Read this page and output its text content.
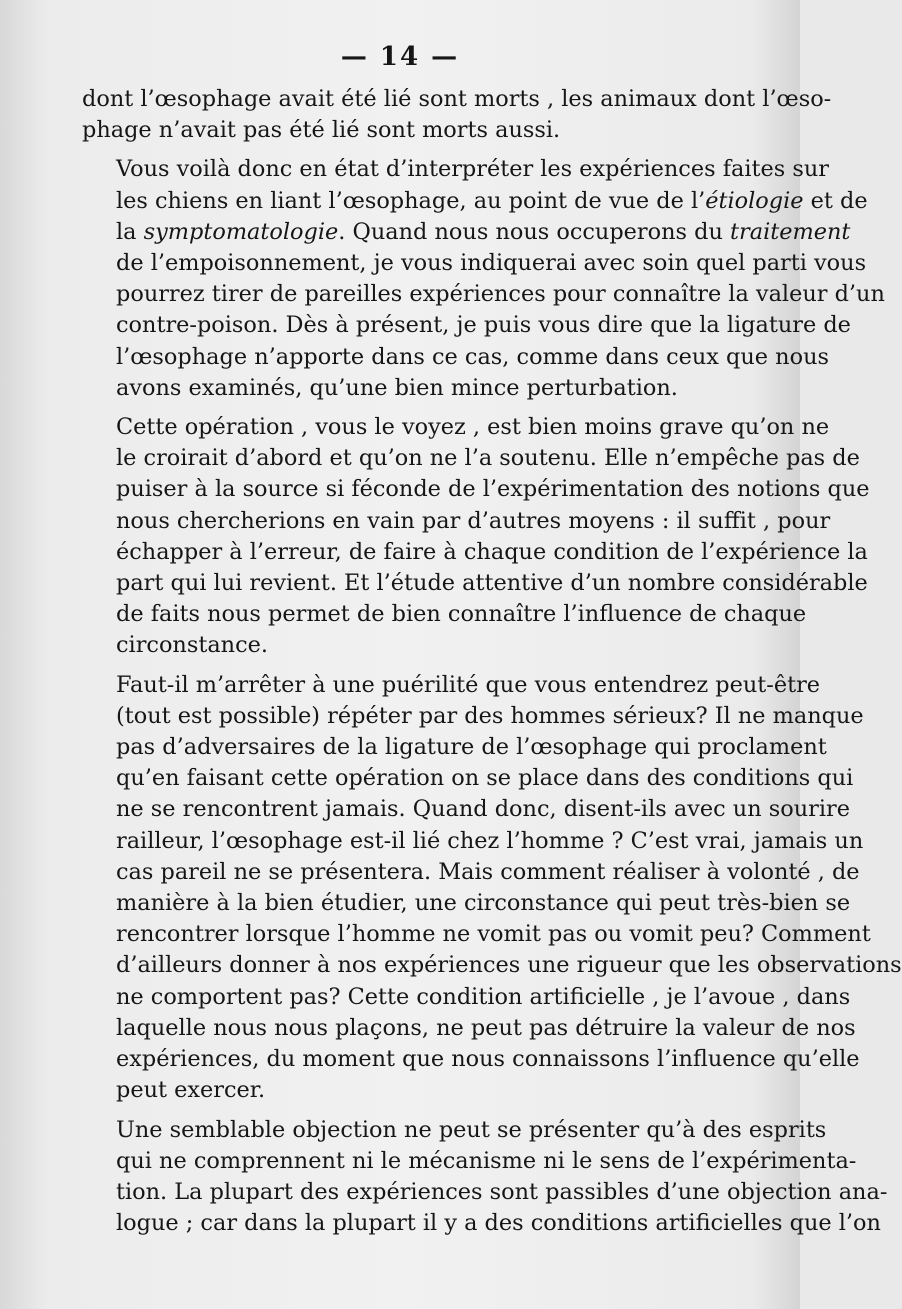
— 14 —

dont l’œsophage avait été lié sont morts , les animaux dont l’œso-
phage n’avait pas été lié sont morts aussi.

Vous voilà donc en état d’interpréter les expériences faites sur
les chiens en liant l’œsophage, au point de vue de l’étiologie et de
la symptomatologie. Quand nous nous occuperons du traitement
de l’empoisonnement, je vous indiquerai avec soin quel parti vous
pourrez tirer de pareilles expériences pour connaître la valeur d’un
contre-poison. Dès à présent, je puis vous dire que la ligature de
l’œsophage n’apporte dans ce cas, comme dans ceux que nous
avons examinés, qu’une bien mince perturbation.

Cette opération , vous le voyez , est bien moins grave qu’on ne
le croirait d’abord et qu’on ne l’a soutenu. Elle n’empêche pas de
puiser à la source si féconde de l’expérimentation des notions que
nous chercherions en vain par d’autres moyens : il suffit , pour
échapper à l’erreur, de faire à chaque condition de l’expérience la
part qui lui revient. Et l’étude attentive d’un nombre considérable
de faits nous permet de bien connaître l’influence de chaque
circonstance.

Faut-il m’arrêter à une puérilité que vous entendrez peut-être
(tout est possible) répéter par des hommes sérieux? Il ne manque
pas d’adversaires de la ligature de l’œsophage qui proclament
qu’en faisant cette opération on se place dans des conditions qui
ne se rencontrent jamais. Quand donc, disent-ils avec un sourire
railleur, l’œsophage est-il lié chez l’homme ? C’est vrai, jamais un
cas pareil ne se présentera. Mais comment réaliser à volonté , de
manière à la bien étudier, une circonstance qui peut très-bien se
rencontrer lorsque l’homme ne vomit pas ou vomit peu? Comment
d’ailleurs donner à nos expériences une rigueur que les observations
ne comportent pas? Cette condition artificielle , je l’avoue , dans
laquelle nous nous plaçons, ne peut pas détruire la valeur de nos
expériences, du moment que nous connaissons l’influence qu’elle
peut exercer.

Une semblable objection ne peut se présenter qu’à des esprits
qui ne comprennent ni le mécanisme ni le sens de l’expérimenta-
tion. La plupart des expériences sont passibles d’une objection ana-
logue ; car dans la plupart il y a des conditions artificielles que l’on
